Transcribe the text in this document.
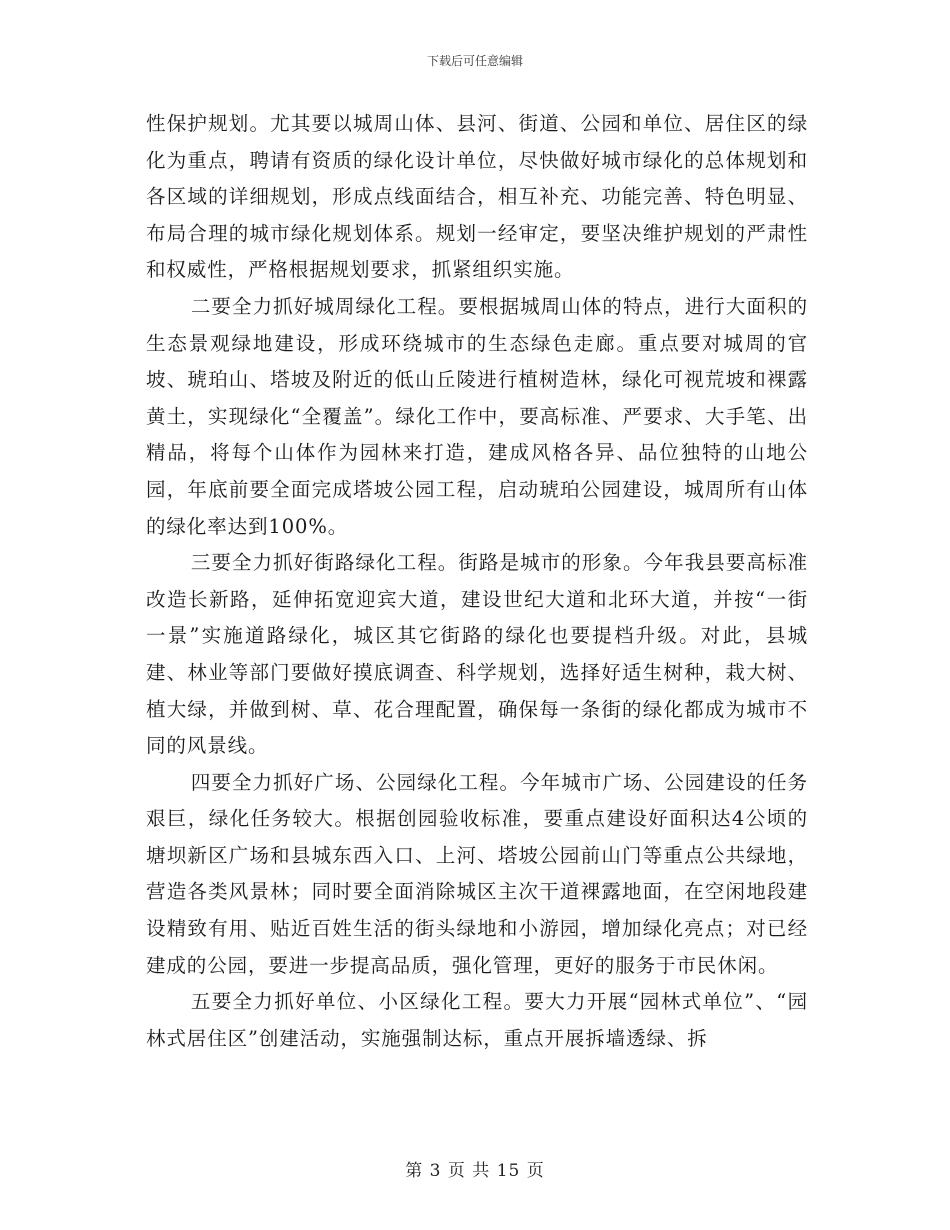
下载后可任意编辑

性保护规划。尤其要以城周山体、县河、街道、公园和单位、居住区的绿化为重点，聘请有资质的绿化设计单位，尽快做好城市绿化的总体规划和各区域的详细规划，形成点线面结合，相互补充、功能完善、特色明显、布局合理的城市绿化规划体系。规划一经审定，要坚决维护规划的严肃性和权威性，严格根据规划要求，抓紧组织实施。

二要全力抓好城周绿化工程。要根据城周山体的特点，进行大面积的生态景观绿地建设，形成环绕城市的生态绿色走廊。重点要对城周的官坡、琥珀山、塔坡及附近的低山丘陵进行植树造林，绿化可视荒坡和裸露黄土，实现绿化“全覆盖”。绿化工作中，要高标准、严要求、大手笔、出精品，将每个山体作为园林来打造，建成风格各异、品位独特的山地公园，年底前要全面完成塔坡公园工程，启动琥珀公园建设，城周所有山体的绿化率达到100%。

三要全力抓好街路绿化工程。街路是城市的形象。今年我县要高标准改造长新路，延伸拓宽迎宾大道，建设世纪大道和北环大道，并按“一街一景”实施道路绿化，城区其它街路的绿化也要提档升级。对此，县城建、林业等部门要做好摸底调查、科学规划，选择好适生树种，栽大树、植大绿，并做到树、草、花合理配置，确保每一条街的绿化都成为城市不同的风景线。

四要全力抓好广场、公园绿化工程。今年城市广场、公园建设的任务艰巨，绿化任务较大。根据创园验收标准，要重点建设好面积达4公顷的塘坝新区广场和县城东西入口、上河、塔坡公园前山门等重点公共绿地，营造各类风景林；同时要全面消除城区主次干道裸露地面，在空闲地段建设精致有用、贴近百姓生活的街头绿地和小游园，增加绿化亮点；对已经建成的公园，要进一步提高品质，强化管理，更好的服务于市民休闲。

五要全力抓好单位、小区绿化工程。要大力开展“园林式单位”、“园林式居住区”创建活动，实施强制达标，重点开展拆墙透绿、拆

第 3 页 共 15 页
